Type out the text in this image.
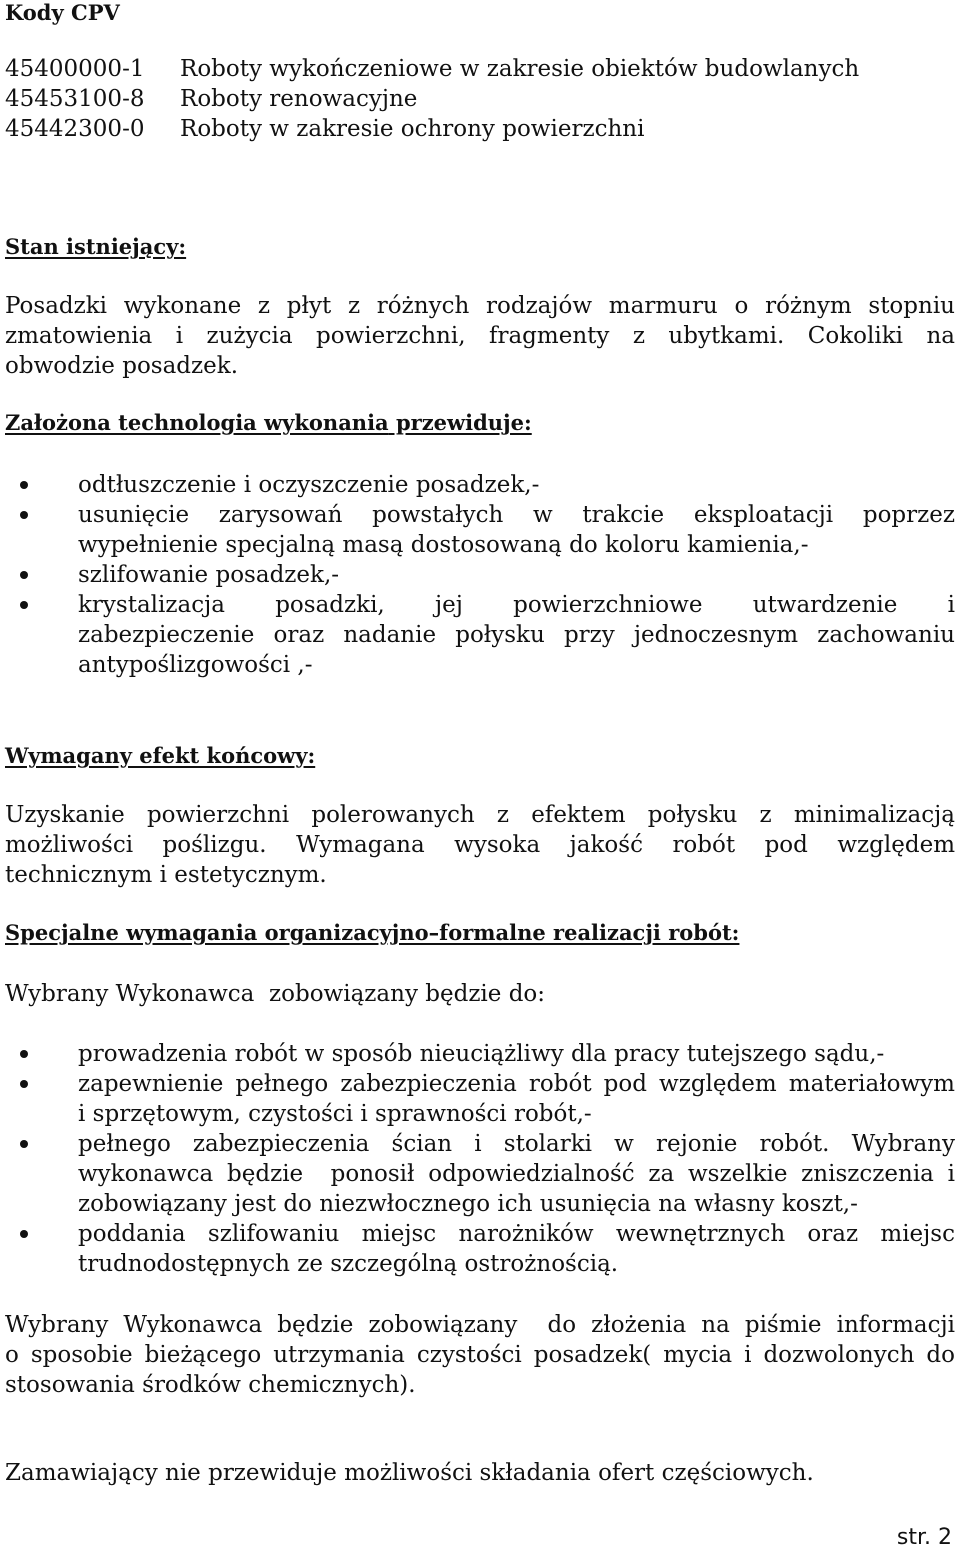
Kody CPV
45400000-1	Roboty wykończeniowe w zakresie obiektów budowlanych
45453100-8	Roboty renowacyjne
45442300-0	Roboty w zakresie ochrony powierzchni
Stan istniejący:
Posadzki wykonane z płyt z różnych rodzajów marmuru o różnym stopniu
zmatowienia i zużycia powierzchni, fragmenty z ubytkami. Cokoliki na
obwodzie posadzek.
Założona technologia wykonania przewiduje:
odtłuszczenie i oczyszczenie posadzek,-
usunięcie zarysowań powstałych w trakcie eksploatacji poprzez
wypełnienie specjalną masą dostosowaną do koloru kamienia,-
szlifowanie posadzek,-
krystalizacja posadzki, jej powierzchniowe utwardzenie i
zabezpieczenie oraz nadanie połysku przy jednoczesnym zachowaniu
antypoślizgowości ,-
Wymagany efekt końcowy:
Uzyskanie powierzchni polerowanych z efektem połysku z minimalizacją
możliwości poślizgu. Wymagana wysoka jakość robót pod względem
technicznym i estetycznym.
Specjalne wymagania organizacyjno–formalne realizacji robót:
Wybrany Wykonawca  zobowiązany będzie do:
prowadzenia robót w sposób nieuciążliwy dla pracy tutejszego sądu,-
zapewnienie pełnego zabezpieczenia robót pod względem materiałowym
i sprzętowym, czystości i sprawności robót,-
pełnego zabezpieczenia ścian i stolarki w rejonie robót. Wybrany
wykonawca będzie  ponosił odpowiedzialność za wszelkie zniszczenia i
zobowiązany jest do niezwłocznego ich usunięcia na własny koszt,-
poddania szlifowaniu miejsc narożników wewnętrznych oraz miejsc
trudnodostępnych ze szczególną ostrożnością.
Wybrany Wykonawca będzie zobowiązany  do złożenia na piśmie informacji
o sposobie bieżącego utrzymania czystości posadzek( mycia i dozwolonych do
stosowania środków chemicznych).
Zamawiający nie przewiduje możliwości składania ofert częściowych.
str. 2
